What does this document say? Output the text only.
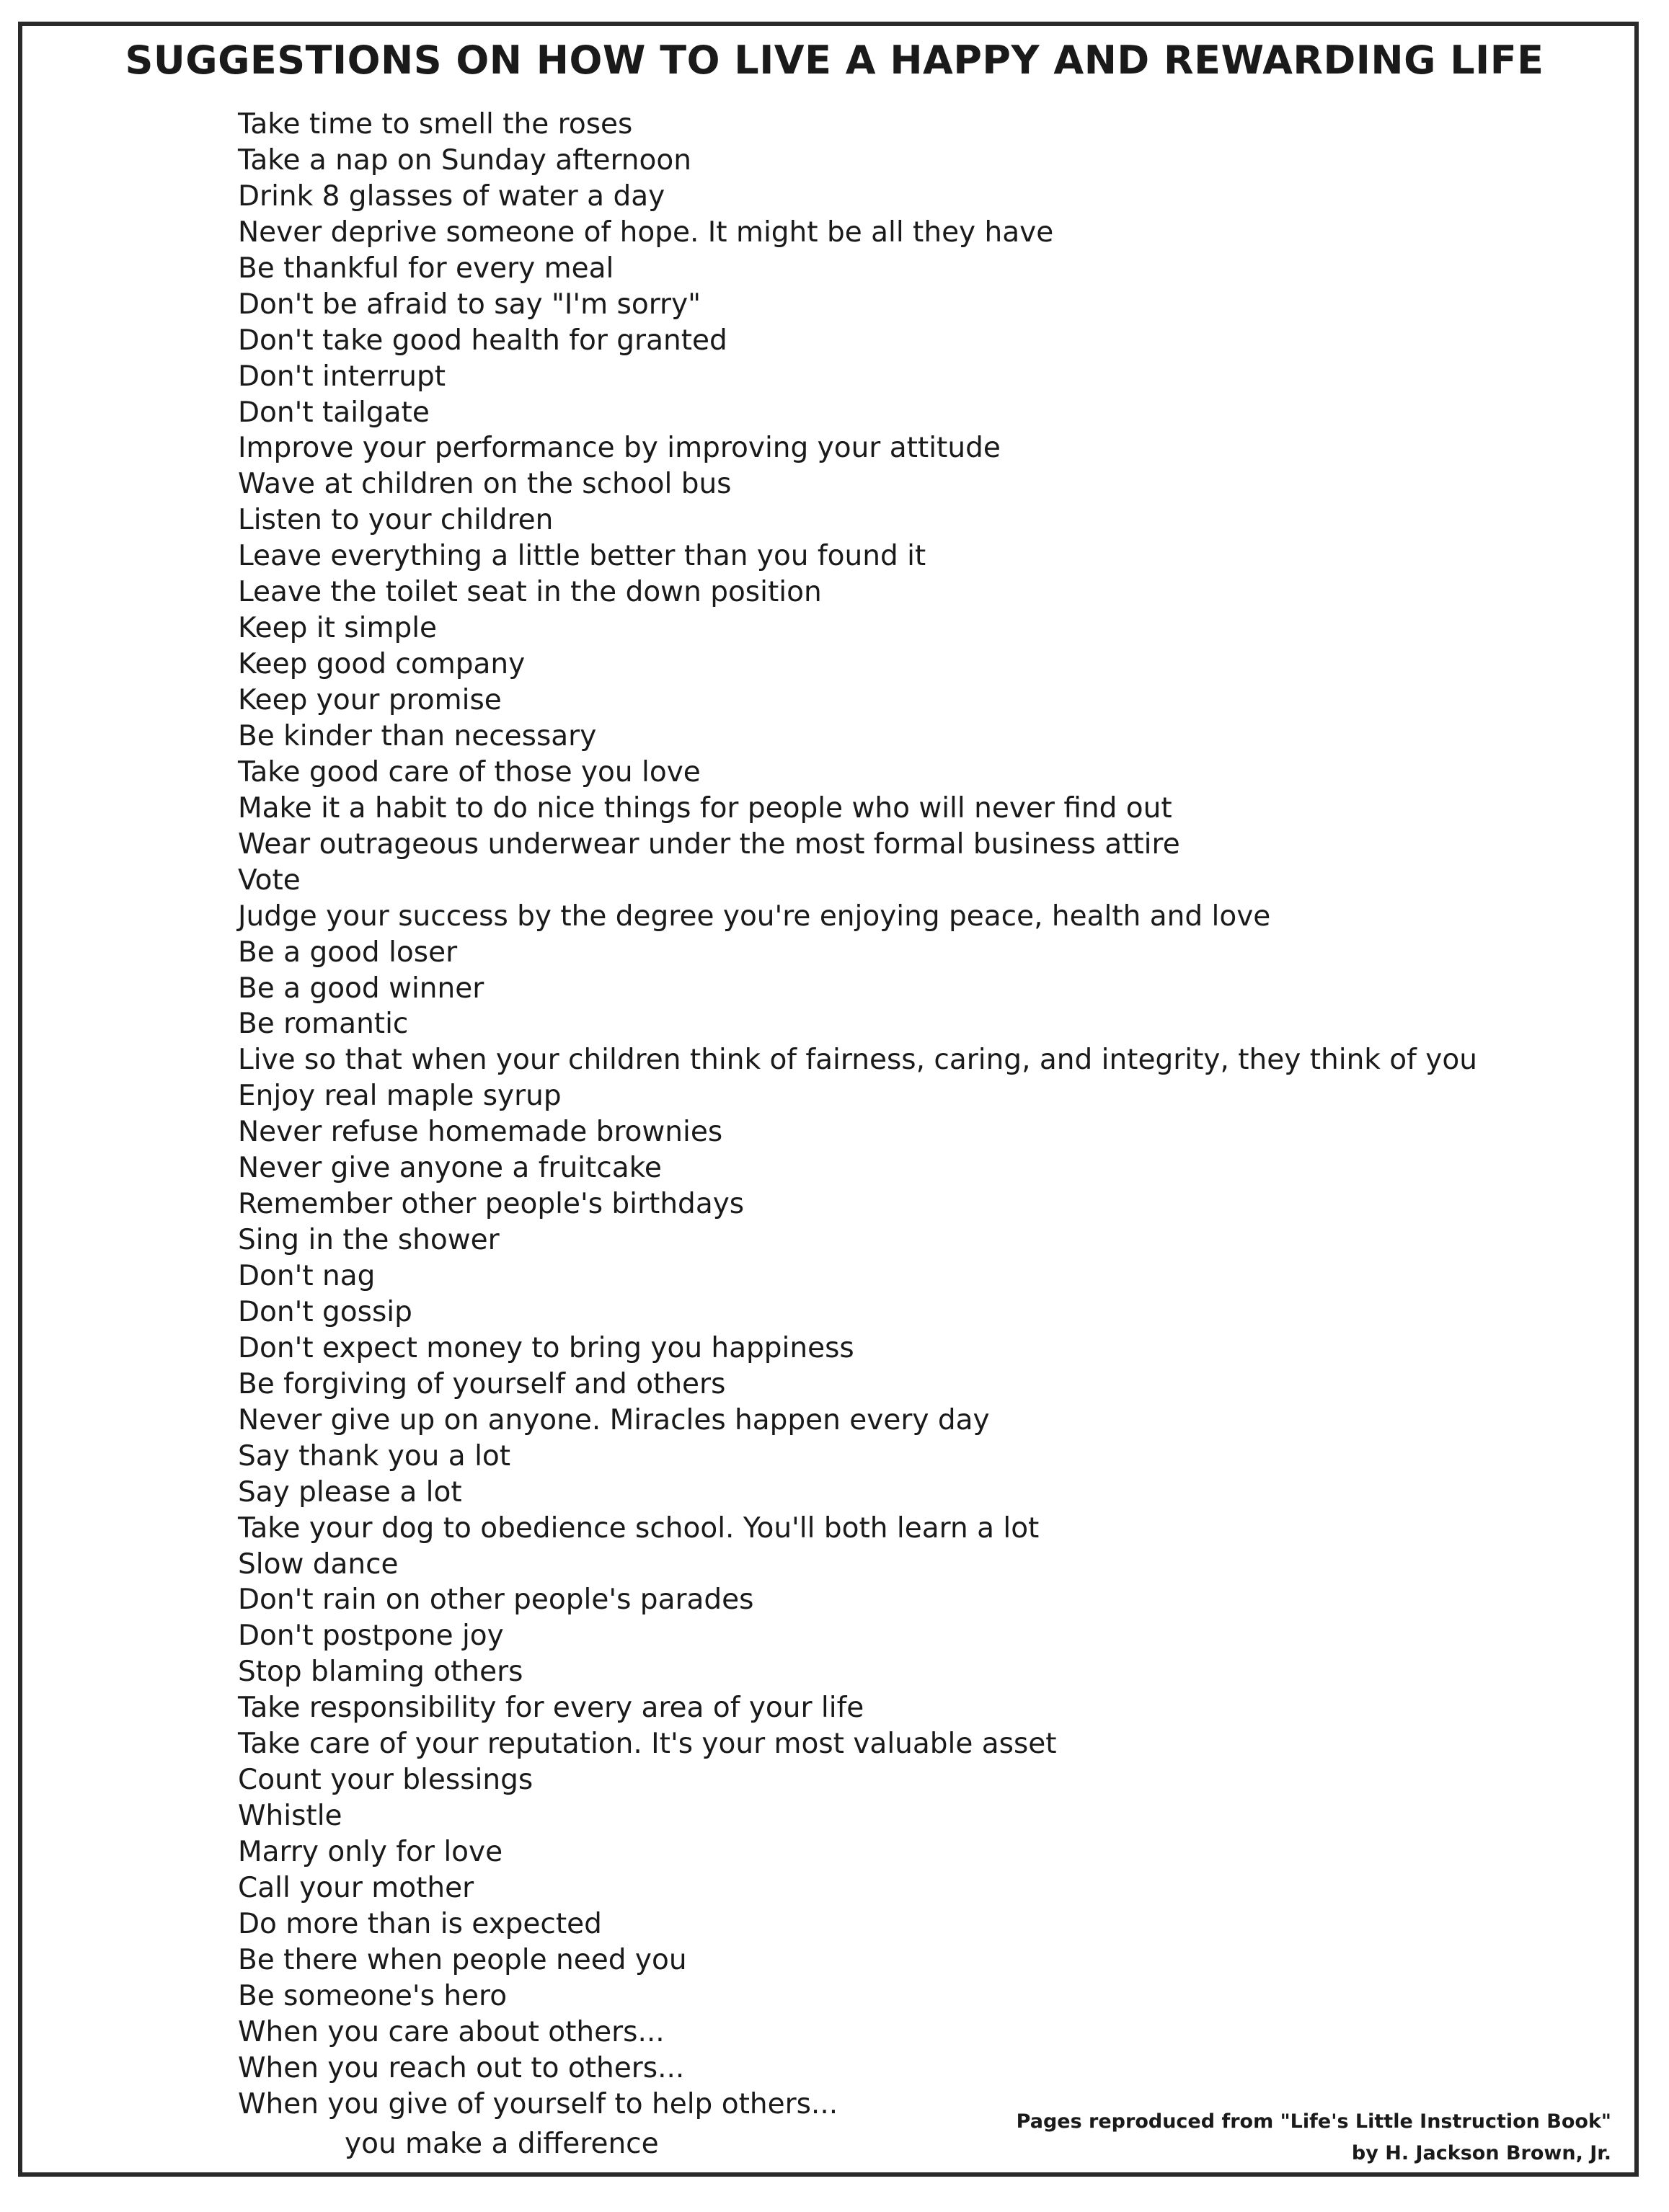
SUGGESTIONS ON HOW TO LIVE A HAPPY AND REWARDING LIFE
Take time to smell the roses
Take a nap on Sunday afternoon
Drink 8 glasses of water a day
Never deprive someone of hope. It might be all they have
Be thankful for every meal
Don't be afraid to say "I'm sorry"
Don't take good health for granted
Don't interrupt
Don't tailgate
Improve your performance by improving your attitude
Wave at children on the school bus
Listen to your children
Leave everything a little better than you found it
Leave the toilet seat in the down position
Keep it simple
Keep good company
Keep your promise
Be kinder than necessary
Take good care of those you love
Make it a habit to do nice things for people who will never find out
Wear outrageous underwear under the most formal business attire
Vote
Judge your success by the degree you're enjoying peace, health and love
Be a good loser
Be a good winner
Be romantic
Live so that when your children think of fairness, caring, and integrity, they think of you
Enjoy real maple syrup
Never refuse homemade brownies
Never give anyone a fruitcake
Remember other people's birthdays
Sing in the shower
Don't nag
Don't gossip
Don't expect money to bring you happiness
Be forgiving of yourself and others
Never give up on anyone. Miracles happen every day
Say thank you a lot
Say please a lot
Take your dog to obedience school. You'll both learn a lot
Slow dance
Don't rain on other people's parades
Don't postpone joy
Stop blaming others
Take responsibility for every area of your life
Take care of your reputation. It's your most valuable asset
Count your blessings
Whistle
Marry only for love
Call your mother
Do more than is expected
Be there when people need you
Be someone's hero
When you care about others...
When you reach out to others...
When you give of yourself to help others...
you make a difference
Pages reproduced from "Life's Little Instruction Book"
by H. Jackson Brown, Jr.
